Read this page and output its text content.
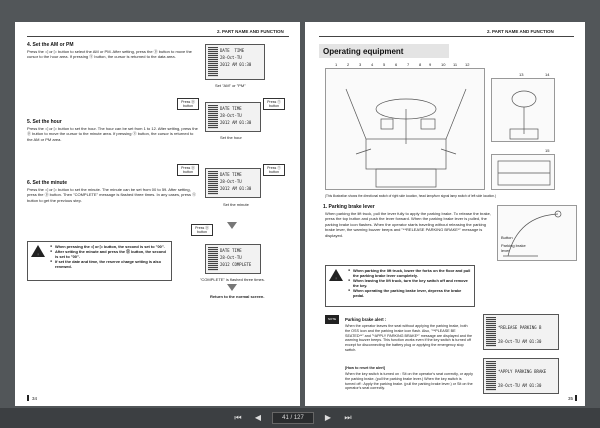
2. PART NAME AND FUNCTION
4. Set the AM or PM
Press the ◁ or ▷ button to select the AM or PM. After setting, press the Ⓑ button to move the cursor to the hour area. If pressing Ⓢ button, the cursor is returned to the data area.
DATE TIME
28-Oct-TU
2012 AM 01:30
Set "AM" or "PM"
5. Set the hour
Press the ◁ or ▷ button to set the hour. The hour can be set from 1 to 12. After setting, press the Ⓑ button to move the cursor to the minute area. If pressing Ⓢ button, the cursor is returned to the AM or PM area.
Press Ⓑ button
Press Ⓢ button
DATE TIME
28-Oct-TU
2012 AM 01:30
Set the hour
6. Set the minute
Press the ◁ or ▷ button to set the minute. The minute can be set from 00 to 59. After setting, press the Ⓑ button. Then "COMPLETE" message is flashed three times. In any cases, press Ⓢ button to get the previous step.
Press Ⓑ button
Press Ⓢ button
DATE TIME
28-Oct-TU
2012 AM 01:30
Set the minute
Press Ⓑ button
DATE TIME
28-Oct-TU
2012 COMPLETE
"COMPLETE" is flashed three times.
Return to the normal screen.
!
● When pressing the ◁ or ▷ button, the second is set to "00".
● After setting the minute and press the Ⓑ button, the second is set to "00".
● If set the date and time, the reserve charge setting is also renewed.
34
2. PART NAME AND FUNCTION
Operating equipment
1 2 3 4 5 6 7 8 9 10 11 12
13	14
15
(This illustration shows the directional switch of right side location, head lamp/turn signal lamp switch of left side location.)
1. Parking brake lever
When parking the lift truck, pull the lever fully to apply the parking brake. To release the brake, press the top button and push the lever forward. When the parking brake lever is pulled, the parking brake icon flashes. When the operator starts traveling without releasing the parking brake lever, the warning buzzer beeps and "**RELEASE PARKING BRAKE*" message is displayed.	Button
Parking brake lever
!
● When parking the lift truck, lower the forks on the floor and pull the parking brake lever completely.
● When leaving the lift truck, turn the key switch off and remove the key.
● When operating the parking brake lever, depress the brake pedal.
NOTE	Parking brake alert :
When the operator leaves the seat without applying the parking brake, both the OSS icon and the parking brake icon flash. Also, "**PLEASE BE SEATED**" and "*APPLY PARKING BRAKE*" message are displayed and the warning buzzer beeps. This function works even if the key switch is turned off except for disconnecting the battery plug or applying the emergency stop switch.
[How to reset the alert]
When the key switch is turned on : Sit on the operator's seat correctly, or apply the parking brake. (pull the parking brake lever.) When the key switch is turned off : Apply the parking brake. (pull the parking brake lever.) or Sit on the operator's seat correctly.
*RELEASE PARKING B
28-Oct-TU AM 01:30
*APPLY PARKING BRAKE
28-Oct-TU AM 01:30
35
⏮	◀	41 / 127	▶	⏭
